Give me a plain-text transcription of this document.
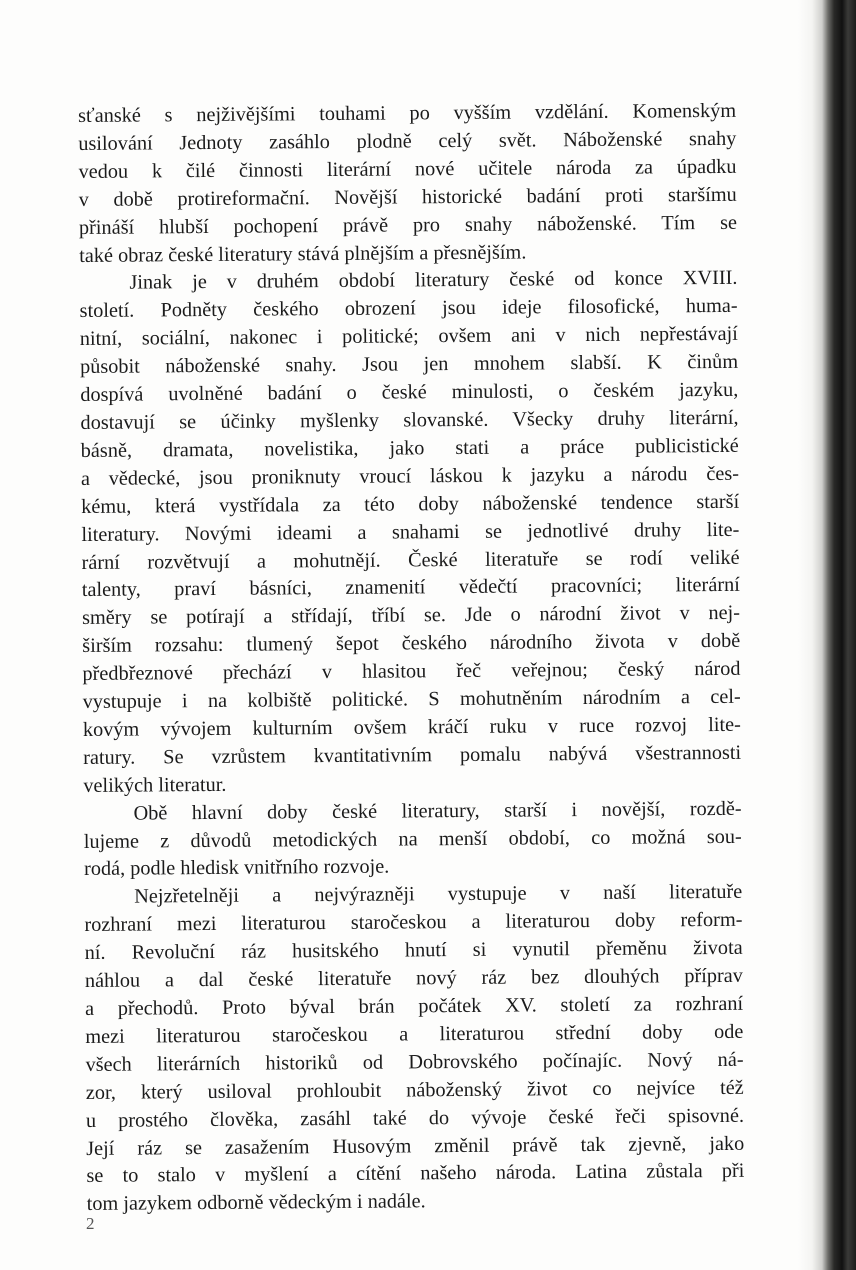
sťanské s nejživějšími touhami po vyšším vzdělání. Komenským
usilování Jednoty zasáhlo plodně celý svět. Náboženské snahy
vedou k čilé činnosti literární nové učitele národa za úpadku
v době protireformační. Novější historické badání proti staršímu
přináší hlubší pochopení právě pro snahy náboženské. Tím se
také obraz české literatury stává plnějším a přesnějším.
Jinak je v druhém období literatury české od konce XVIII.
století. Podněty českého obrození jsou ideje filosofické, huma-
nitní, sociální, nakonec i politické; ovšem ani v nich nepřestávají
působit náboženské snahy. Jsou jen mnohem slabší. K činům
dospívá uvolněné badání o české minulosti, o českém jazyku,
dostavují se účinky myšlenky slovanské. Všecky druhy literární,
básně, dramata, novelistika, jako stati a práce publicistické
a vědecké, jsou proniknuty vroucí láskou k jazyku a národu čes-
kému, která vystřídala za této doby náboženské tendence starší
literatury. Novými ideami a snahami se jednotlivé druhy lite-
rární rozvětvují a mohutnějí. České literatuře se rodí veliké
talenty, praví básníci, znamenití vědečtí pracovníci; literární
směry se potírají a střídají, tříbí se. Jde o národní život v nej-
širším rozsahu: tlumený šepot českého národního života v době
předbřeznové přechází v hlasitou řeč veřejnou; český národ
vystupuje i na kolbiště politické. S mohutněním národním a cel-
kovým vývojem kulturním ovšem kráčí ruku v ruce rozvoj lite-
ratury. Se vzrůstem kvantitativním pomalu nabývá všestrannosti
velikých literatur.
Obě hlavní doby české literatury, starší i novější, rozdě-
lujeme z důvodů metodických na menší období, co možná sou-
rodá, podle hledisk vnitřního rozvoje.
Nejzřetelněji a nejvýrazněji vystupuje v naší literatuře
rozhraní mezi literaturou staročeskou a literaturou doby reform-
ní. Revoluční ráz husitského hnutí si vynutil přeměnu života
náhlou a dal české literatuře nový ráz bez dlouhých příprav
a přechodů. Proto býval brán počátek XV. století za rozhraní
mezi literaturou staročeskou a literaturou střední doby ode
všech literárních historiků od Dobrovského počínajíc. Nový ná-
zor, který usiloval prohloubit náboženský život co nejvíce též
u prostého člověka, zasáhl také do vývoje české řeči spisovné.
Její ráz se zasažením Husovým změnil právě tak zjevně, jako
se to stalo v myšlení a cítění našeho národa. Latina zůstala při
tom jazykem odborně vědeckým i nadále.
2
